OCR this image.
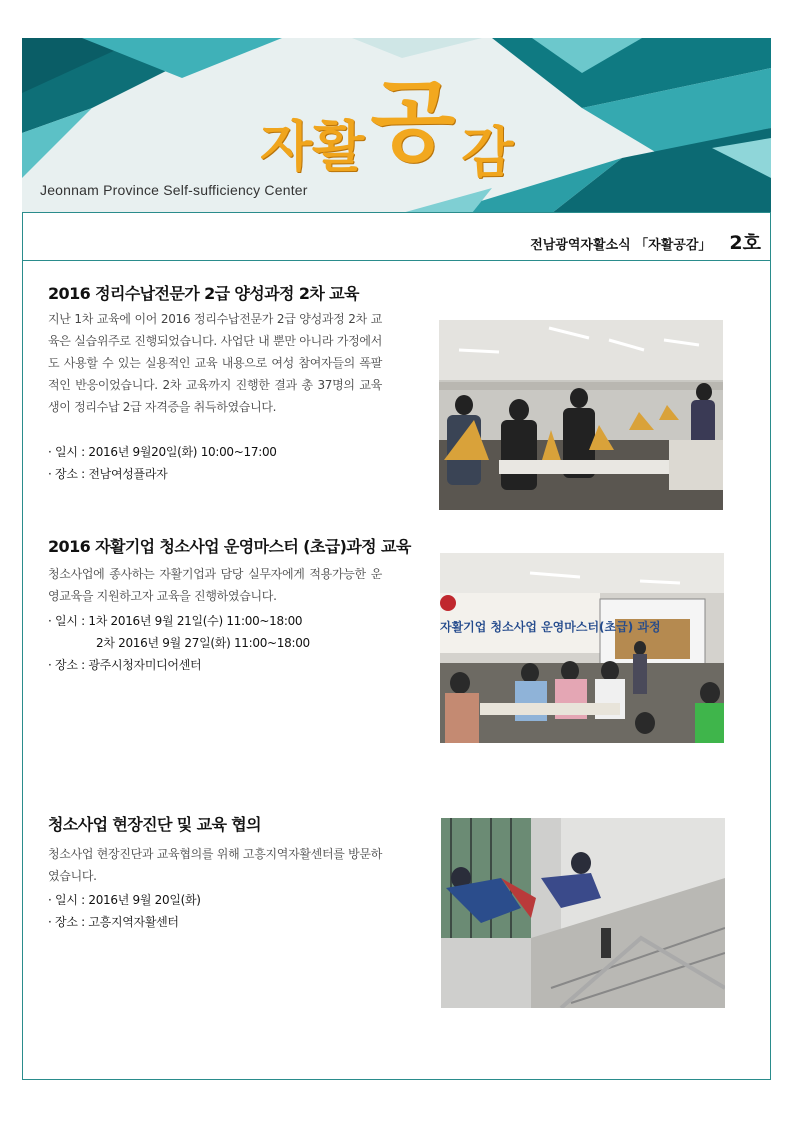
자 활 공 감
Jeonnam Province Self-sufficiency Center
전남광역자활소식 「자활공감」 2호
2016 정리수납전문가 2급 양성과정 2차 교육
지난 1차 교육에 이어 2016 정리수납전문가 2급 양성과정 2차 교육은 실습위주로 진행되었습니다. 사업단 내 뿐만 아니라 가정에서도 사용할 수 있는 실용적인 교육 내용으로 여성 참여자들의 폭팔적인 반응이었습니다. 2차 교육까지 진행한 결과 총 37명의 교육생이 정리수납 2급 자격증을 취득하였습니다.
· 일시 : 2016년 9월20일(화) 10:00~17:00
· 장소 : 전남여성플라자
2016 자활기업 청소사업 운영마스터 (초급)과정 교육
청소사업에 종사하는 자활기업과 담당 실무자에게 적용가능한 운영교육을 지원하고자 교육을 진행하였습니다.
· 일시 : 1차 2016년 9월 21일(수) 11:00~18:00
2차 2016년 9월 27일(화) 11:00~18:00
· 장소 : 광주시청자미디어센터
자활기업 청소사업 운영마스터(초급) 과정
청소사업 현장진단 및 교육 협의
청소사업 현장진단과 교육협의를 위해 고흥지역자활센터를 방문하였습니다.
· 일시 : 2016년 9월 20일(화)
· 장소 : 고흥지역자활센터
